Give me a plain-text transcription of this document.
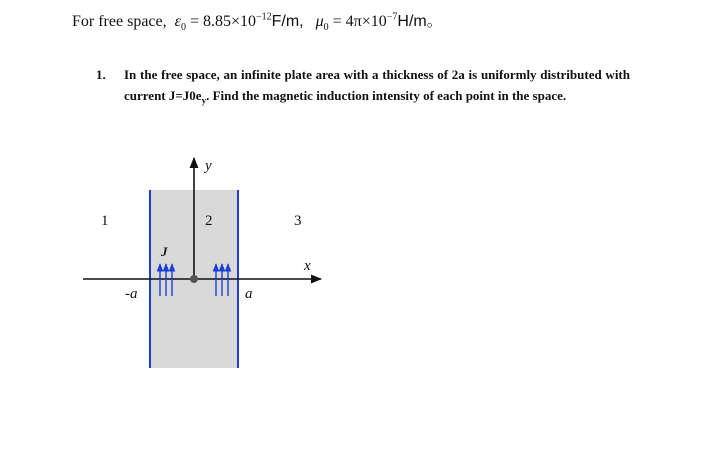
For free space, $\varepsilon_0 = 8.85\times 10^{-12}F/m$, $\mu_0 = 4\pi\times 10^{-7}H/m$。
1. In the free space, an infinite plate area with a thickness of 2a is uniformly distributed with current $J=J0e_y$. Find the magnetic induction intensity of each point in the space.
y
x
1	2	3
J
-a	a
